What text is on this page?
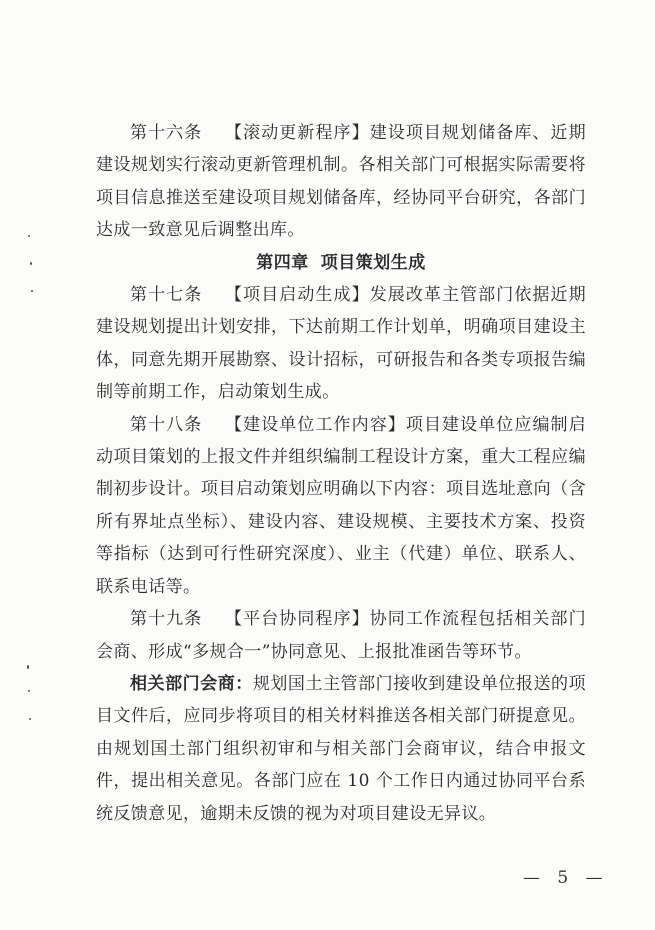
第十六条 【滚动更新程序】建设项目规划储备库、近期建设规划实行滚动更新管理机制。各相关部门可根据实际需要将项目信息推送至建设项目规划储备库，经协同平台研究，各部门达成一致意见后调整出库。

第四章 项目策划生成

第十七条 【项目启动生成】发展改革主管部门依据近期建设规划提出计划安排，下达前期工作计划单，明确项目建设主体，同意先期开展勘察、设计招标，可研报告和各类专项报告编制等前期工作，启动策划生成。

第十八条 【建设单位工作内容】项目建设单位应编制启动项目策划的上报文件并组织编制工程设计方案，重大工程应编制初步设计。项目启动策划应明确以下内容：项目选址意向（含所有界址点坐标）、建设内容、建设规模、主要技术方案、投资等指标（达到可行性研究深度）、业主（代建）单位、联系人、联系电话等。

第十九条 【平台协同程序】协同工作流程包括相关部门会商、形成“多规合一”协同意见、上报批准函告等环节。

相关部门会商：规划国土主管部门接收到建设单位报送的项目文件后，应同步将项目的相关材料推送各相关部门研提意见。由规划国土部门组织初审和与相关部门会商审议，结合申报文件，提出相关意见。各部门应在 10 个工作日内通过协同平台系统反馈意见，逾期未反馈的视为对项目建设无异议。

— 5 —
